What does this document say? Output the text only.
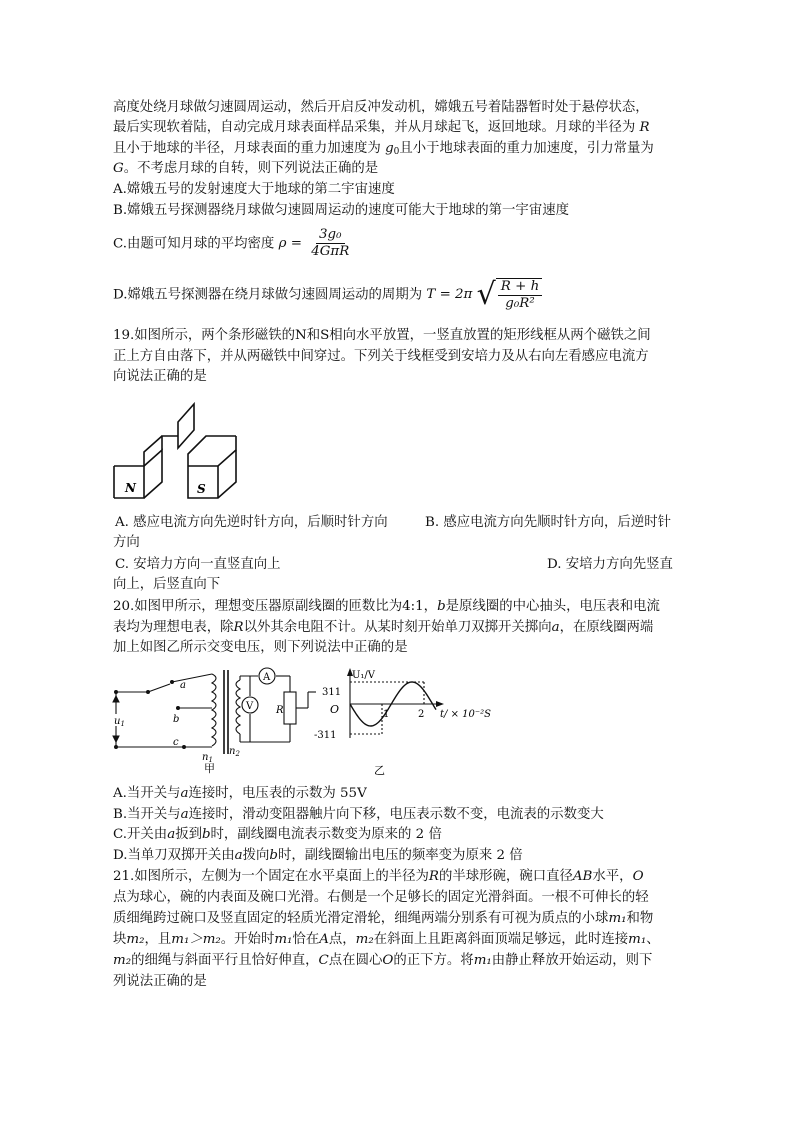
高度处绕月球做匀速圆周运动，然后开启反冲发动机，嫦娥五号着陆器暂时处于悬停状态，
最后实现软着陆，自动完成月球表面样品采集，并从月球起飞，返回地球。月球的半径为 R
且小于地球的半径，月球表面的重力加速度为 $g_0$且小于地球表面的重力加速度，引力常量为
G。不考虑月球的自转，则下列说法正确的是
A.嫦娥五号的发射速度大于地球的第二宇宙速度
B.嫦娥五号探测器绕月球做匀速圆周运动的速度可能大于地球的第一宇宙速度
C.由题可知月球的平均密度 $\rho = \frac{\text{3g₀}}{\text{4GπR}}$
D.嫦娥五号探测器在绕月球做匀速圆周运动的周期为 T = 2π √ $\frac{R + h}{\text{g₀R²}}$
19.如图所示，两个条形磁铁的N和S相向水平放置，一竖直放置的矩形线框从两个磁铁之间
正上方自由落下，并从两磁铁中间穿过。下列关于线框受到安培力及从右向左看感应电流方
向说法正确的是
N	S
A. 感应电流方向先逆时针方向，后顺时针方向	B. 感应电流方向先顺时针方向，后逆时针
方向
C. 安培力方向一直竖直向上	D. 安培力方向先竖直
向上，后竖直向下
20.如图甲所示，理想变压器原副线圈的匝数比为4:1，b是原线圈的中心抽头，电压表和电流
表均为理想电表，除R以外其余电阻不计。从某时刻开始单刀双掷开关掷向a，在原线圈两端
加上如图乙所示交变电压，则下列说法中正确的是
A
V R
a
b
c
$u_1$
$n_1$
$n_2$
甲
U₁/V
311
-311
O	1	2 t/ × 10⁻²S
乙
A.当开关与a连接时，电压表的示数为 55V
B.当开关与a连接时，滑动变阻器触片向下移，电压表示数不变，电流表的示数变大
C.开关由a扳到b时，副线圈电流表示数变为原来的 2 倍
D.当单刀双掷开关由a拨向b时，副线圈输出电压的频率变为原来 2 倍
21.如图所示，左侧为一个固定在水平桌面上的半径为R的半球形碗，碗口直径AB水平，O
点为球心，碗的内表面及碗口光滑。右侧是一个足够长的固定光滑斜面。一根不可伸长的轻
质细绳跨过碗口及竖直固定的轻质光滑定滑轮，细绳两端分别系有可视为质点的小球m₁和物
块m₂，且m₁＞m₂。开始时m₁恰在A点，m₂在斜面上且距离斜面顶端足够远，此时连接m₁、
m₂的细绳与斜面平行且恰好伸直，C点在圆心O的正下方。将m₁由静止释放开始运动，则下
列说法正确的是
